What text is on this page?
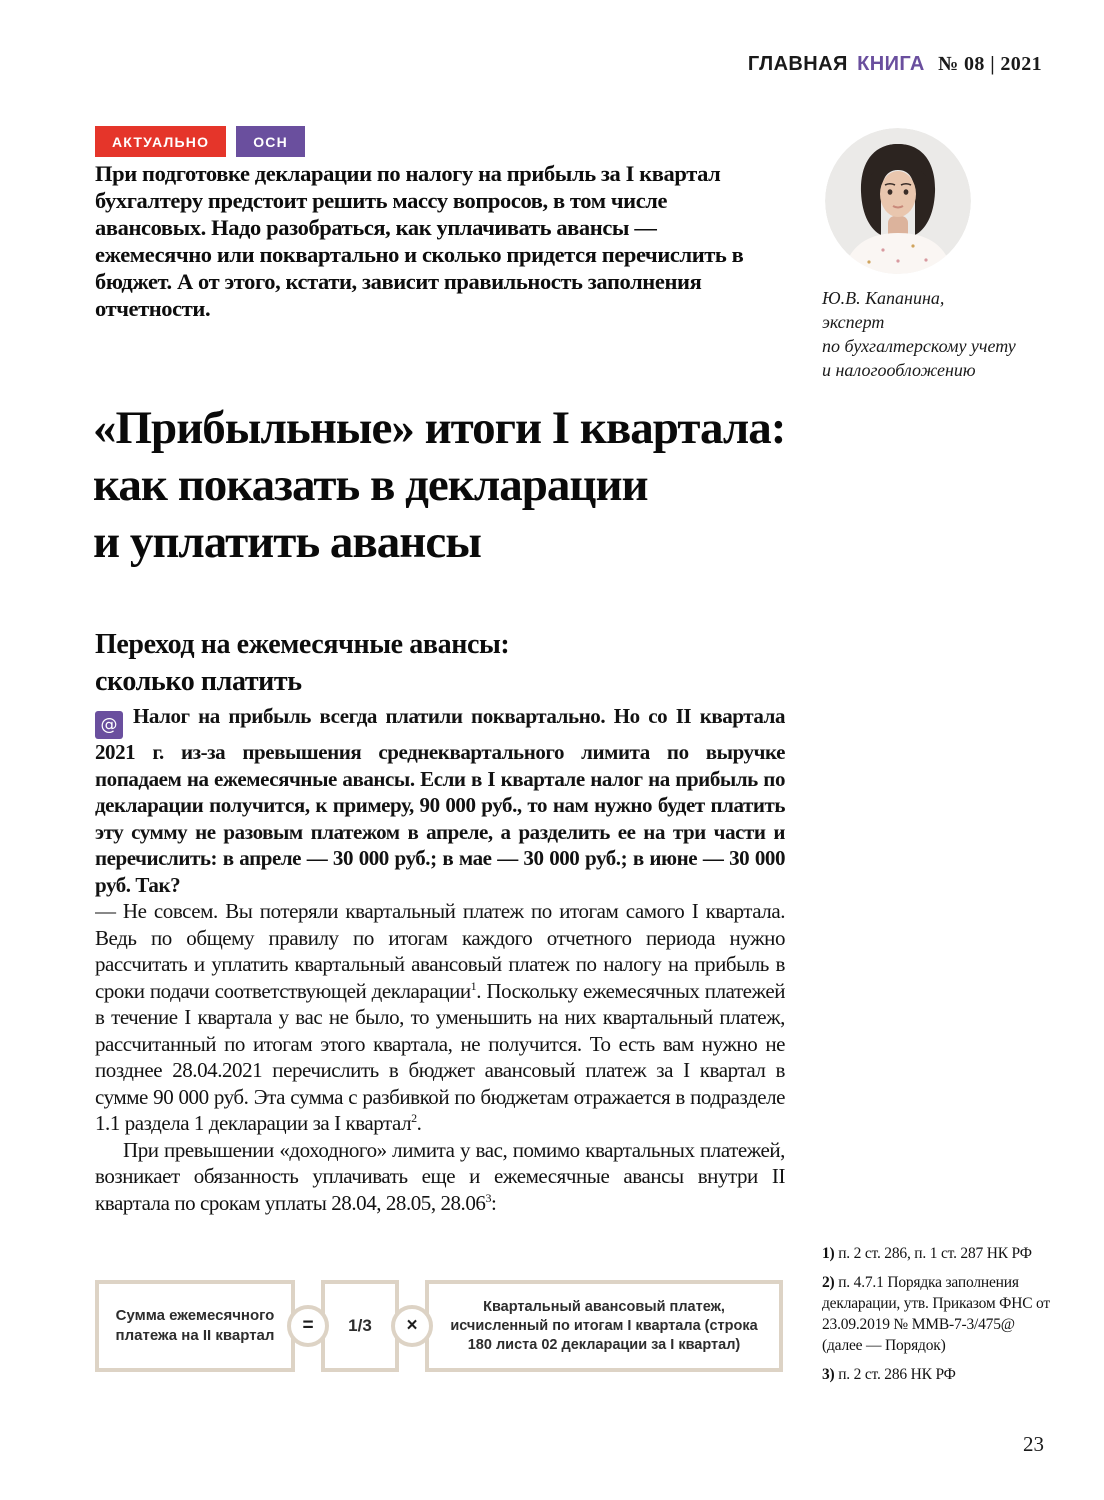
ГЛАВНАЯ КНИГА № 08 | 2021
АКТУАЛЬНО	ОСН

При подготовке декларации по налогу на прибыль за I квартал бухгалтеру предстоит решить массу вопросов, в том числе авансовых. Надо разобраться, как уплачивать авансы — ежемесячно или поквартально и сколько придется перечислить в бюджет. А от этого, кстати, зависит правильность заполнения отчетности.	Ю.В. Капанина,
эксперт
по бухгалтерскому учету
и налогообложению
«Прибыльные» итоги I квартала:
как показать в декларации
и уплатить авансы
Переход на ежемесячные авансы:
сколько платить

@ Налог на прибыль всегда платили поквартально. Но со II квартала 2021 г. из-за превышения среднеквартального лимита по выручке попадаем на ежемесячные авансы. Если в I квартале налог на прибыль по декларации получится, к примеру, 90 000 руб., то нам нужно будет платить эту сумму не разовым платежом в апреле, а разделить ее на три части и перечислить: в апреле — 30 000 руб.; в мае — 30 000 руб.; в июне — 30 000 руб. Так?

— Не совсем. Вы потеряли квартальный платеж по итогам самого I квартала. Ведь по общему правилу по итогам каждого отчетного периода нужно рассчитать и уплатить квартальный авансовый платеж по налогу на прибыль в сроки подачи соответствующей декларации$^1$. Поскольку ежемесячных платежей в течение I квартала у вас не было, то уменьшить на них квартальный платеж, рассчитанный по итогам этого квартала, не получится. То есть вам нужно не позднее 28.04.2021 перечислить в бюджет авансовый платеж за I квартал в сумме 90 000 руб. Эта сумма с разбивкой по бюджетам отражается в подразделе 1.1 раздела 1 декларации за I квартал$^2$.

При превышении «доходного» лимита у вас, помимо квартальных платежей, возникает обязанность уплачивать еще и ежемесячные авансы внутри II квартала по срокам уплаты 28.04, 28.05, 28.06$^3$:

Сумма ежемесячного платежа на II квартал
1/3
Квартальный авансовый платеж, исчисленный по итогам I квартала (строка 180 листа 02 декларации за I квартал)
=	×

1) п. 2 ст. 286, п. 1 ст. 287 НК РФ

2) п. 4.7.1 Порядка заполнения декларации, утв. Приказом ФНС от 23.09.2019 № ММВ-7-3/475@ (далее — Порядок)

3) п. 2 ст. 286 НК РФ

23
